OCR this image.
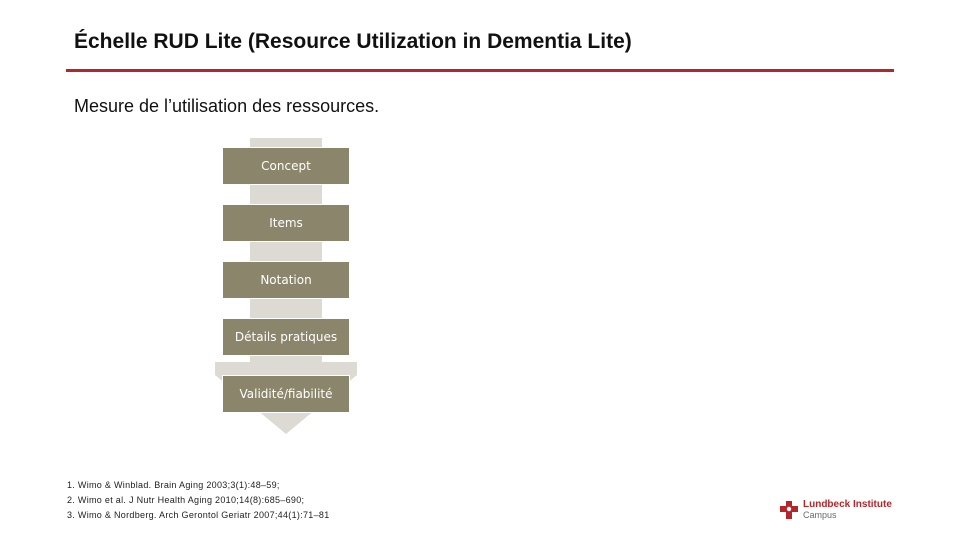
Échelle RUD Lite (Resource Utilization in Dementia Lite)
Mesure de l’utilisation des ressources.
Concept
Items
Notation
Détails pratiques
Validité/fiabilité
1. Wimo & Winblad. Brain Aging 2003;3(1):48–59;
2. Wimo et al. J Nutr Health Aging 2010;14(8):685–690;
3. Wimo & Nordberg. Arch Gerontol Geriatr 2007;44(1):71–81
Lundbeck Institute
Campus
